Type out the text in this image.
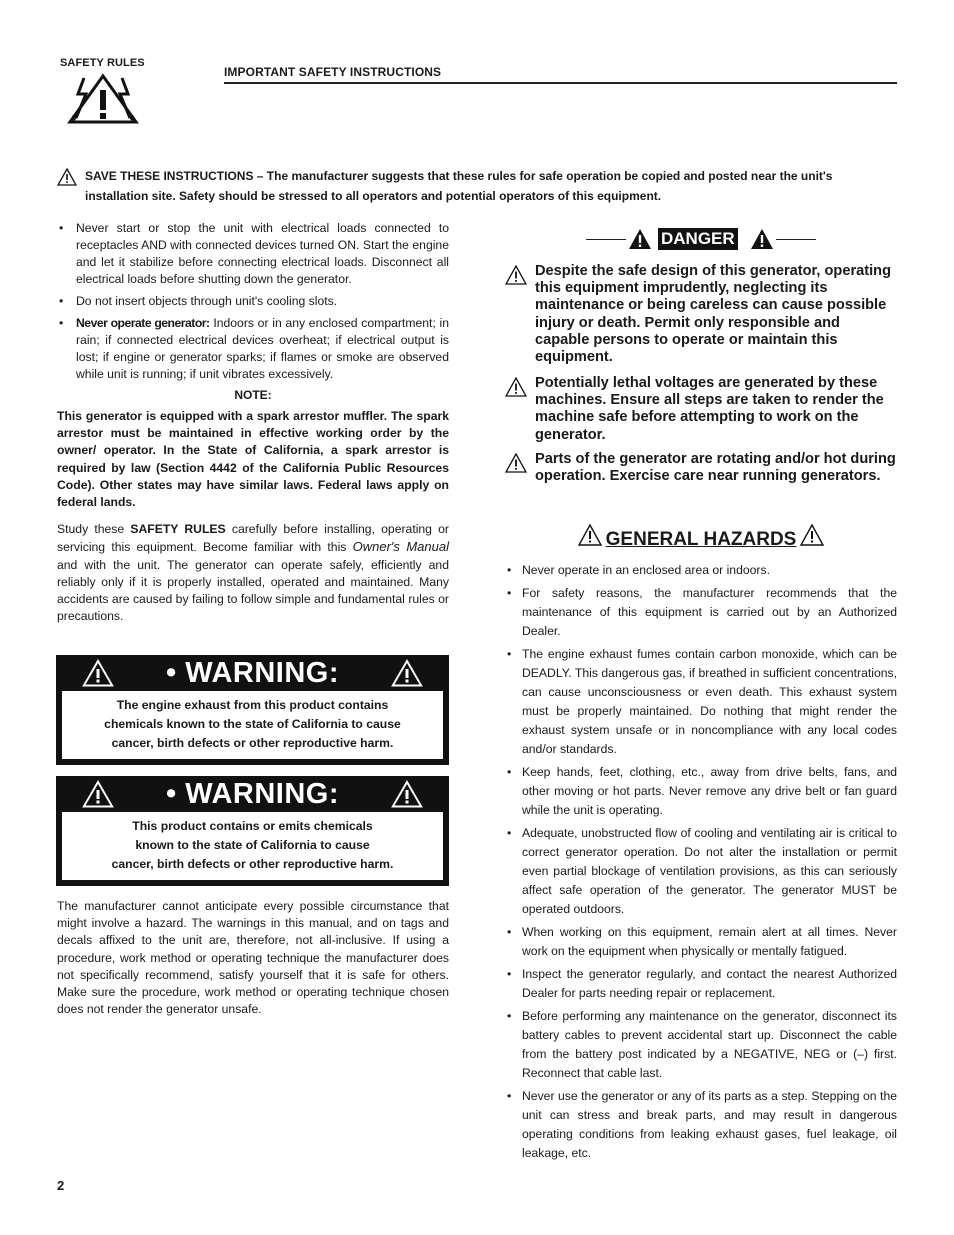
SAFETY RULES
IMPORTANT SAFETY INSTRUCTIONS
SAVE THESE INSTRUCTIONS – The manufacturer suggests that these rules for safe operation be copied and posted near the unit's installation site. Safety should be stressed to all operators and potential operators of this equipment.
• Never start or stop the unit with electrical loads connected to receptacles AND with connected devices turned ON. Start the engine and let it stabilize before connecting electrical loads. Disconnect all electrical loads before shutting down the generator.
• Do not insert objects through unit's cooling slots.
• Never operate generator: Indoors or in any enclosed compartment; in rain; if connected electrical devices overheat; if electrical output is lost; if engine or generator sparks; if flames or smoke are observed while unit is running; if unit vibrates excessively.
NOTE:
This generator is equipped with a spark arrestor muffler. The spark arrestor must be maintained in effective working order by the owner/ operator. In the State of California, a spark arrestor is required by law (Section 4442 of the California Public Resources Code). Other states may have similar laws. Federal laws apply on federal lands.
Study these SAFETY RULES carefully before installing, operating or servicing this equipment. Become familiar with this Owner's Manual and with the unit. The generator can operate safely, efficiently and reliably only if it is properly installed, operated and maintained. Many accidents are caused by failing to follow simple and fundamental rules or precautions.
• WARNING:
The engine exhaust from this product contains
chemicals known to the state of California to cause
cancer, birth defects or other reproductive harm.
• WARNING:
This product contains or emits chemicals
known to the state of California to cause
cancer, birth defects or other reproductive harm.
The manufacturer cannot anticipate every possible circumstance that might involve a hazard. The warnings in this manual, and on tags and decals affixed to the unit are, therefore, not all-inclusive. If using a procedure, work method or operating technique the manufacturer does not specifically recommend, satisfy yourself that it is safe for others. Make sure the procedure, work method or operating technique chosen does not render the generator unsafe.
DANGER
Despite the safe design of this generator, operating this equipment imprudently, neglecting its maintenance or being careless can cause possible injury or death. Permit only responsible and capable persons to operate or maintain this equipment.
Potentially lethal voltages are generated by these machines. Ensure all steps are taken to render the machine safe before attempting to work on the generator.
Parts of the generator are rotating and/or hot during operation. Exercise care near running generators.
GENERAL HAZARDS
• Never operate in an enclosed area or indoors.
• For safety reasons, the manufacturer recommends that the maintenance of this equipment is carried out by an Authorized Dealer.
• The engine exhaust fumes contain carbon monoxide, which can be DEADLY. This dangerous gas, if breathed in sufficient concentrations, can cause unconsciousness or even death. This exhaust system must be properly maintained. Do nothing that might render the exhaust system unsafe or in noncompliance with any local codes and/or standards.
• Keep hands, feet, clothing, etc., away from drive belts, fans, and other moving or hot parts. Never remove any drive belt or fan guard while the unit is operating.
• Adequate, unobstructed flow of cooling and ventilating air is critical to correct generator operation. Do not alter the installation or permit even partial blockage of ventilation provisions, as this can seriously affect safe operation of the generator. The generator MUST be operated outdoors.
• When working on this equipment, remain alert at all times. Never work on the equipment when physically or mentally fatigued.
• Inspect the generator regularly, and contact the nearest Authorized Dealer for parts needing repair or replacement.
• Before performing any maintenance on the generator, disconnect its battery cables to prevent accidental start up. Disconnect the cable from the battery post indicated by a NEGATIVE, NEG or (–) first. Reconnect that cable last.
• Never use the generator or any of its parts as a step. Stepping on the unit can stress and break parts, and may result in dangerous operating conditions from leaking exhaust gases, fuel leakage, oil leakage, etc.
2
